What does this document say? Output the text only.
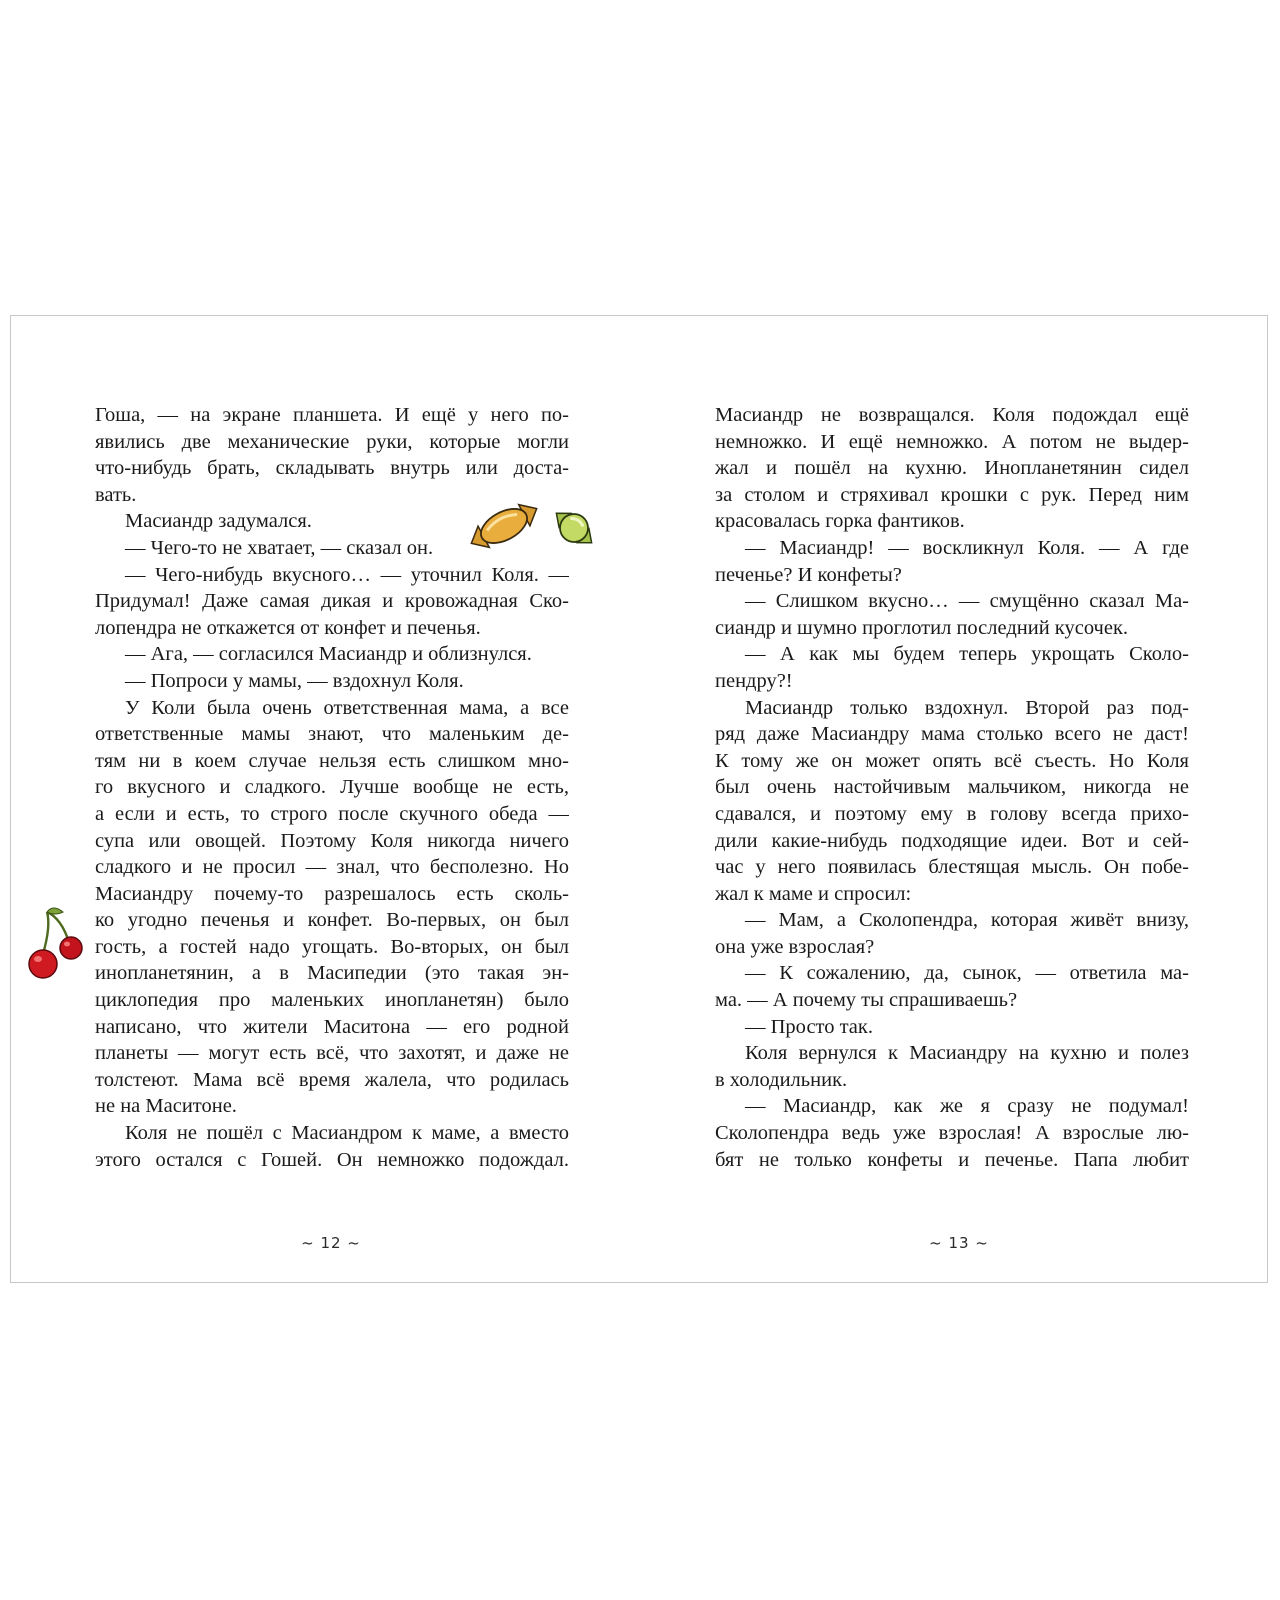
Гоша, — на экране планшета. И ещё у него по-
явились две механические руки, которые могли
что-нибудь брать, складывать внутрь или доста-
вать.
Масиандр задумался.
— Чего-то не хватает, — сказал он.
— Чего-нибудь вкусного… — уточнил Коля. —
Придумал! Даже самая дикая и кровожадная Ско-
лопендра не откажется от конфет и печенья.
— Ага, — согласился Масиандр и облизнулся.
— Попроси у мамы, — вздохнул Коля.
У Коли была очень ответственная мама, а все
ответственные мамы знают, что маленьким де-
тям ни в коем случае нельзя есть слишком мно-
го вкусного и сладкого. Лучше вообще не есть,
а если и есть, то строго после скучного обеда —
супа или овощей. Поэтому Коля никогда ничего
сладкого и не просил — знал, что бесполезно. Но
Масиандру почему-то разрешалось есть сколь-
ко угодно печенья и конфет. Во-первых, он был
гость, а гостей надо угощать. Во-вторых, он был
инопланетянин, а в Масипедии (это такая эн-
циклопедия про маленьких инопланетян) было
написано, что жители Маситона — его родной
планеты — могут есть всё, что захотят, и даже не
толстеют. Мама всё время жалела, что родилась
не на Маситоне.
Коля не пошёл с Масиандром к маме, а вместо
этого остался с Гошей. Он немножко подождал.
Масиандр не возвращался. Коля подождал ещё
немножко. И ещё немножко. А потом не выдер-
жал и пошёл на кухню. Инопланетянин сидел
за столом и стряхивал крошки с рук. Перед ним
красовалась горка фантиков.
— Масиандр! — воскликнул Коля. — А где
печенье? И конфеты?
— Слишком вкусно… — смущённо сказал Ма-
сиандр и шумно проглотил последний кусочек.
— А как мы будем теперь укрощать Сколо-
пендру?!
Масиандр только вздохнул. Второй раз под-
ряд даже Масиандру мама столько всего не даст!
К тому же он может опять всё съесть. Но Коля
был очень настойчивым мальчиком, никогда не
сдавался, и поэтому ему в голову всегда прихо-
дили какие-нибудь подходящие идеи. Вот и сей-
час у него появилась блестящая мысль. Он побе-
жал к маме и спросил:
— Мам, а Сколопендра, которая живёт внизу,
она уже взрослая?
— К сожалению, да, сынок, — ответила ма-
ма. — А почему ты спрашиваешь?
— Просто так.
Коля вернулся к Масиандру на кухню и полез
в холодильник.
— Масиандр, как же я сразу не подумал!
Сколопендра ведь уже взрослая! А взрослые лю-
бят не только конфеты и печенье. Папа любит
~ 12 ~	~ 13 ~
